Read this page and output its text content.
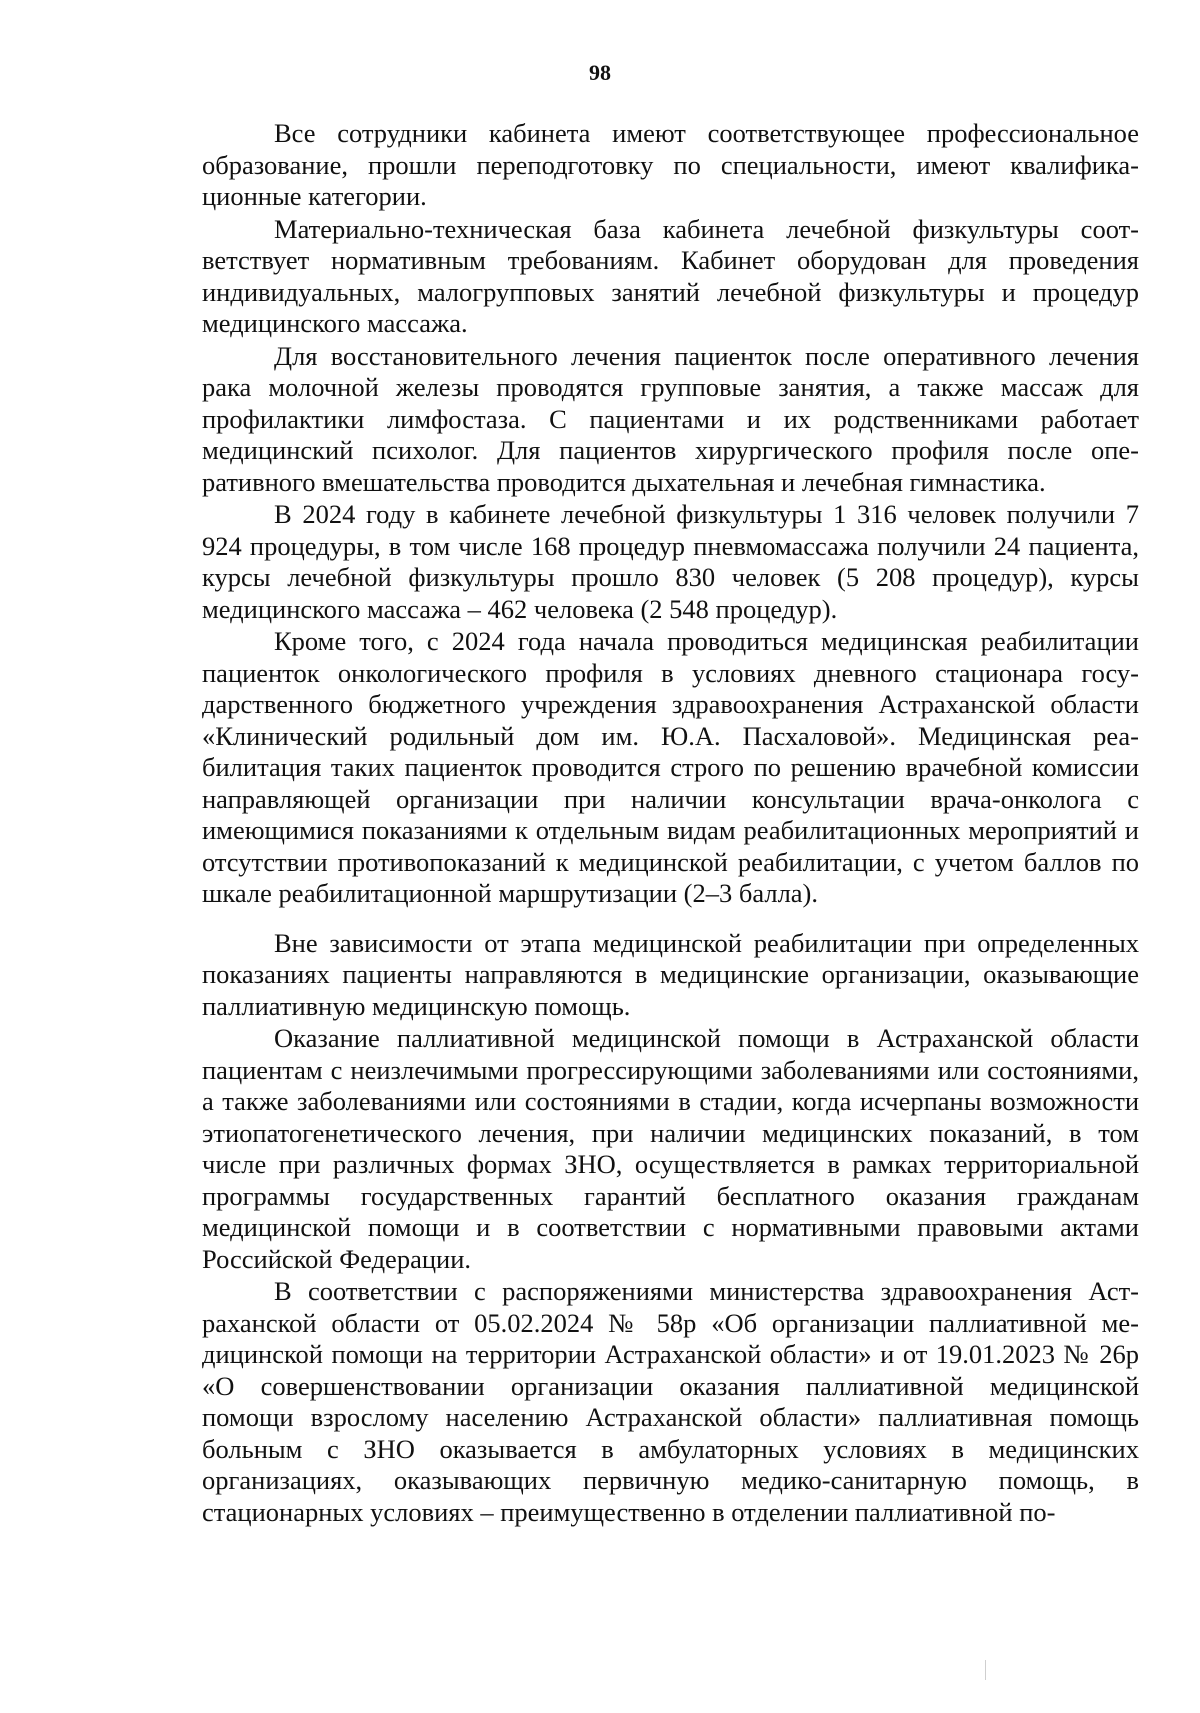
98

Все сотрудники кабинета имеют соответствующее профессиональное образование, прошли переподготовку по специальности, имеют квалификационные категории.

Материально-техническая база кабинета лечебной физкультуры соответствует нормативным требованиям. Кабинет оборудован для проведения индивидуальных, малогрупповых занятий лечебной физкультуры и процедур медицинского массажа.

Для восстановительного лечения пациенток после оперативного лечения рака молочной железы проводятся групповые занятия, а также массаж для профилактики лимфостаза. С пациентами и их родственниками работает медицинский психолог. Для пациентов хирургического профиля после оперативного вмешательства проводится дыхательная и лечебная гимнастика.

В 2024 году в кабинете лечебной физкультуры 1 316 человек получили 7 924 процедуры, в том числе 168 процедур пневмомассажа получили 24 пациента, курсы лечебной физкультуры прошло 830 человек (5 208 процедур), курсы медицинского массажа – 462 человека (2 548 процедур).

Кроме того, с 2024 года начала проводиться медицинская реабилитации пациенток онкологического профиля в условиях дневного стационара государственного бюджетного учреждения здравоохранения Астраханской области «Клинический родильный дом им. Ю.А. Пасхаловой». Медицинская реабилитация таких пациенток проводится строго по решению врачебной комиссии направляющей организации при наличии консультации врача-онколога с имеющимися показаниями к отдельным видам реабилитационных мероприятий и отсутствии противопоказаний к медицинской реабилитации, с учетом баллов по шкале реабилитационной маршрутизации (2–3 балла).

Вне зависимости от этапа медицинской реабилитации при определенных показаниях пациенты направляются в медицинские организации, оказывающие паллиативную медицинскую помощь.

Оказание паллиативной медицинской помощи в Астраханской области пациентам с неизлечимыми прогрессирующими заболеваниями или состояниями, а также заболеваниями или состояниями в стадии, когда исчерпаны возможности этиопатогенетического лечения, при наличии медицинских показаний, в том числе при различных формах ЗНО, осуществляется в рамках территориальной программы государственных гарантий бесплатного оказания гражданам медицинской помощи и в соответствии с нормативными правовыми актами Российской Федерации.

В соответствии с распоряжениями министерства здравоохранения Астраханской области от 05.02.2024 № 58р «Об организации паллиативной медицинской помощи на территории Астраханской области» и от 19.01.2023 № 26р «О совершенствовании организации оказания паллиативной медицинской помощи взрослому населению Астраханской области» паллиативная помощь больным с ЗНО оказывается в амбулаторных условиях в медицинских организациях, оказывающих первичную медико-санитарную помощь, в стационарных условиях – преимущественно в отделении паллиативной по-
